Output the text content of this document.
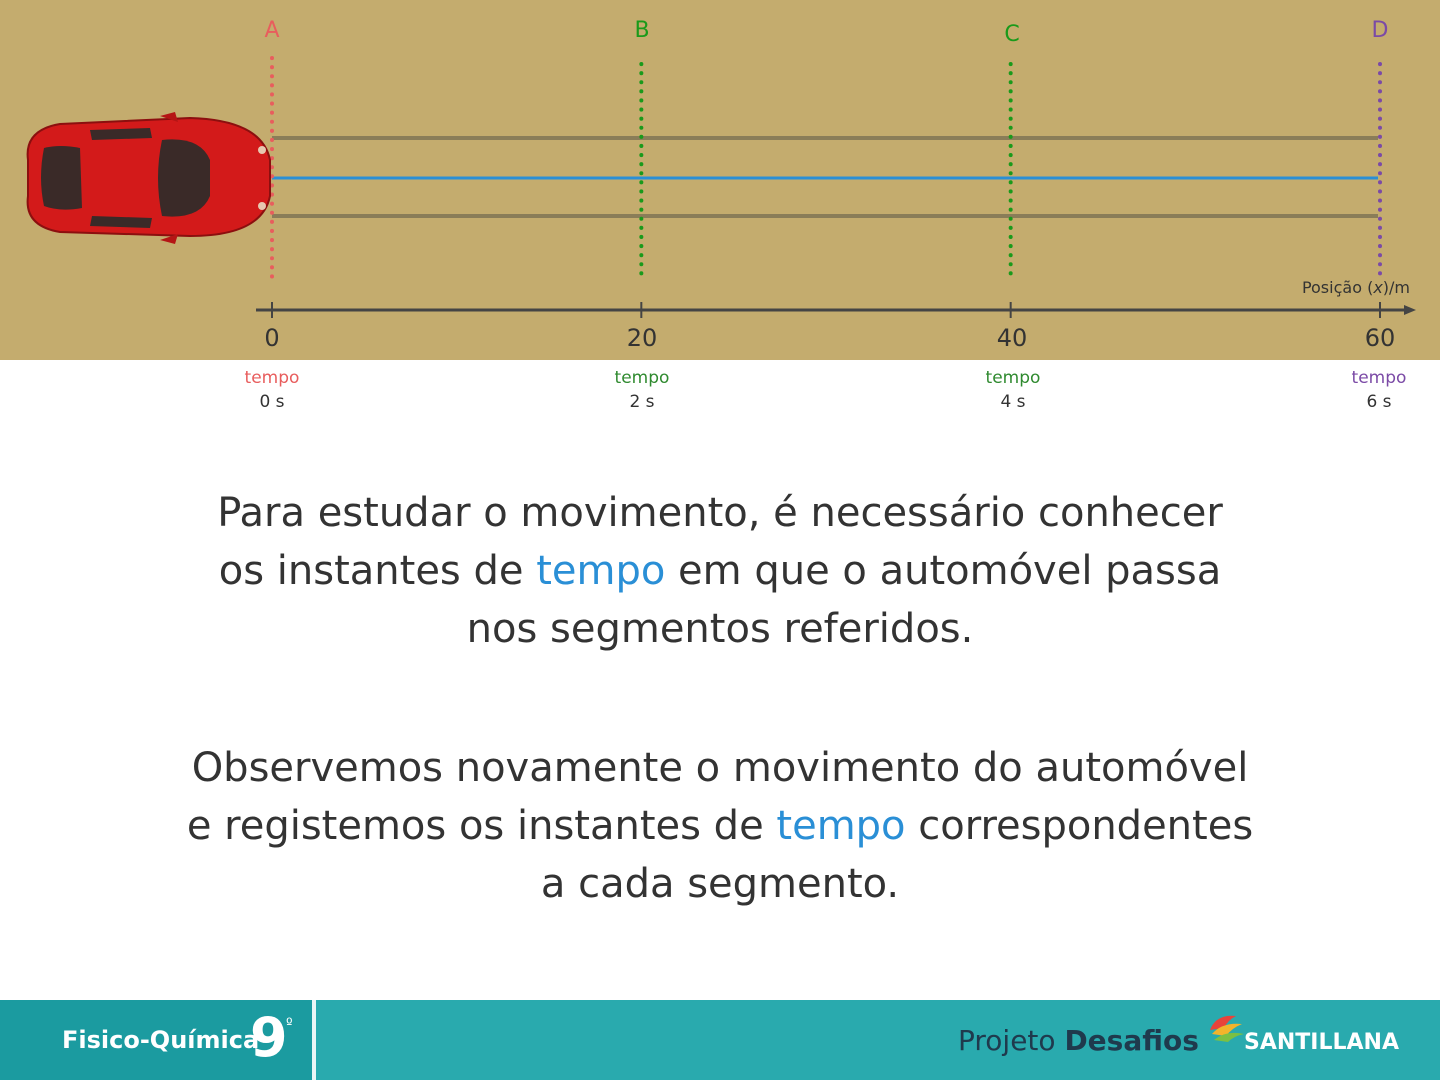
A	B	C	D
Posição (x)/m
0	20	40	60
tempo
0 s
tempo
2 s
tempo
4 s
tempo
6 s
Para estudar o movimento, é necessário conhecer
os instantes de tempo em que o automóvel passa
nos segmentos referidos.
Observemos novamente o movimento do automóvel
e registemos os instantes de tempo correspondentes
a cada segmento.
Fisico-Química
9
º	Projeto Desafios SANTILLANA
